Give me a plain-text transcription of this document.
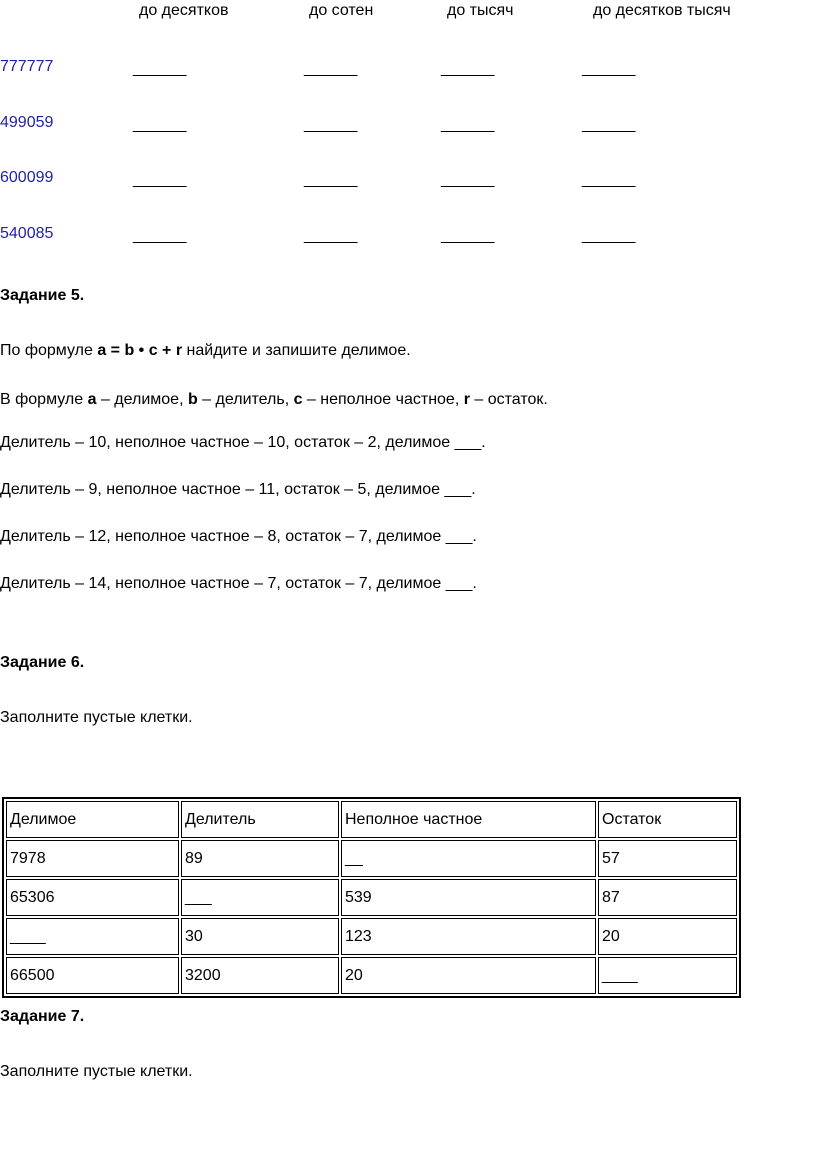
до десятков	до сотен	до тысяч	до десятков тысяч
777777	______	______	______	______
499059	______	______	______	______
600099	______	______	______	______
540085	______	______	______	______
Задание 5.
По формуле a = b • c + r найдите и запишите делимое.
В формуле a – делимое, b – делитель, c – неполное частное, r – остаток.
Делитель – 10, неполное частное – 10, остаток – 2, делимое ___.
Делитель – 9, неполное частное – 11, остаток – 5, делимое ___.
Делитель – 12, неполное частное – 8, остаток – 7, делимое ___.
Делитель – 14, неполное частное – 7, остаток – 7, делимое ___.
Задание 6.
Заполните пустые клетки.
Делимое	Делитель	Неполное частное	Остаток
7978	89	__	57
65306	___	539	87
____	30	123	20
66500	3200	20	____
Задание 7.
Заполните пустые клетки.
